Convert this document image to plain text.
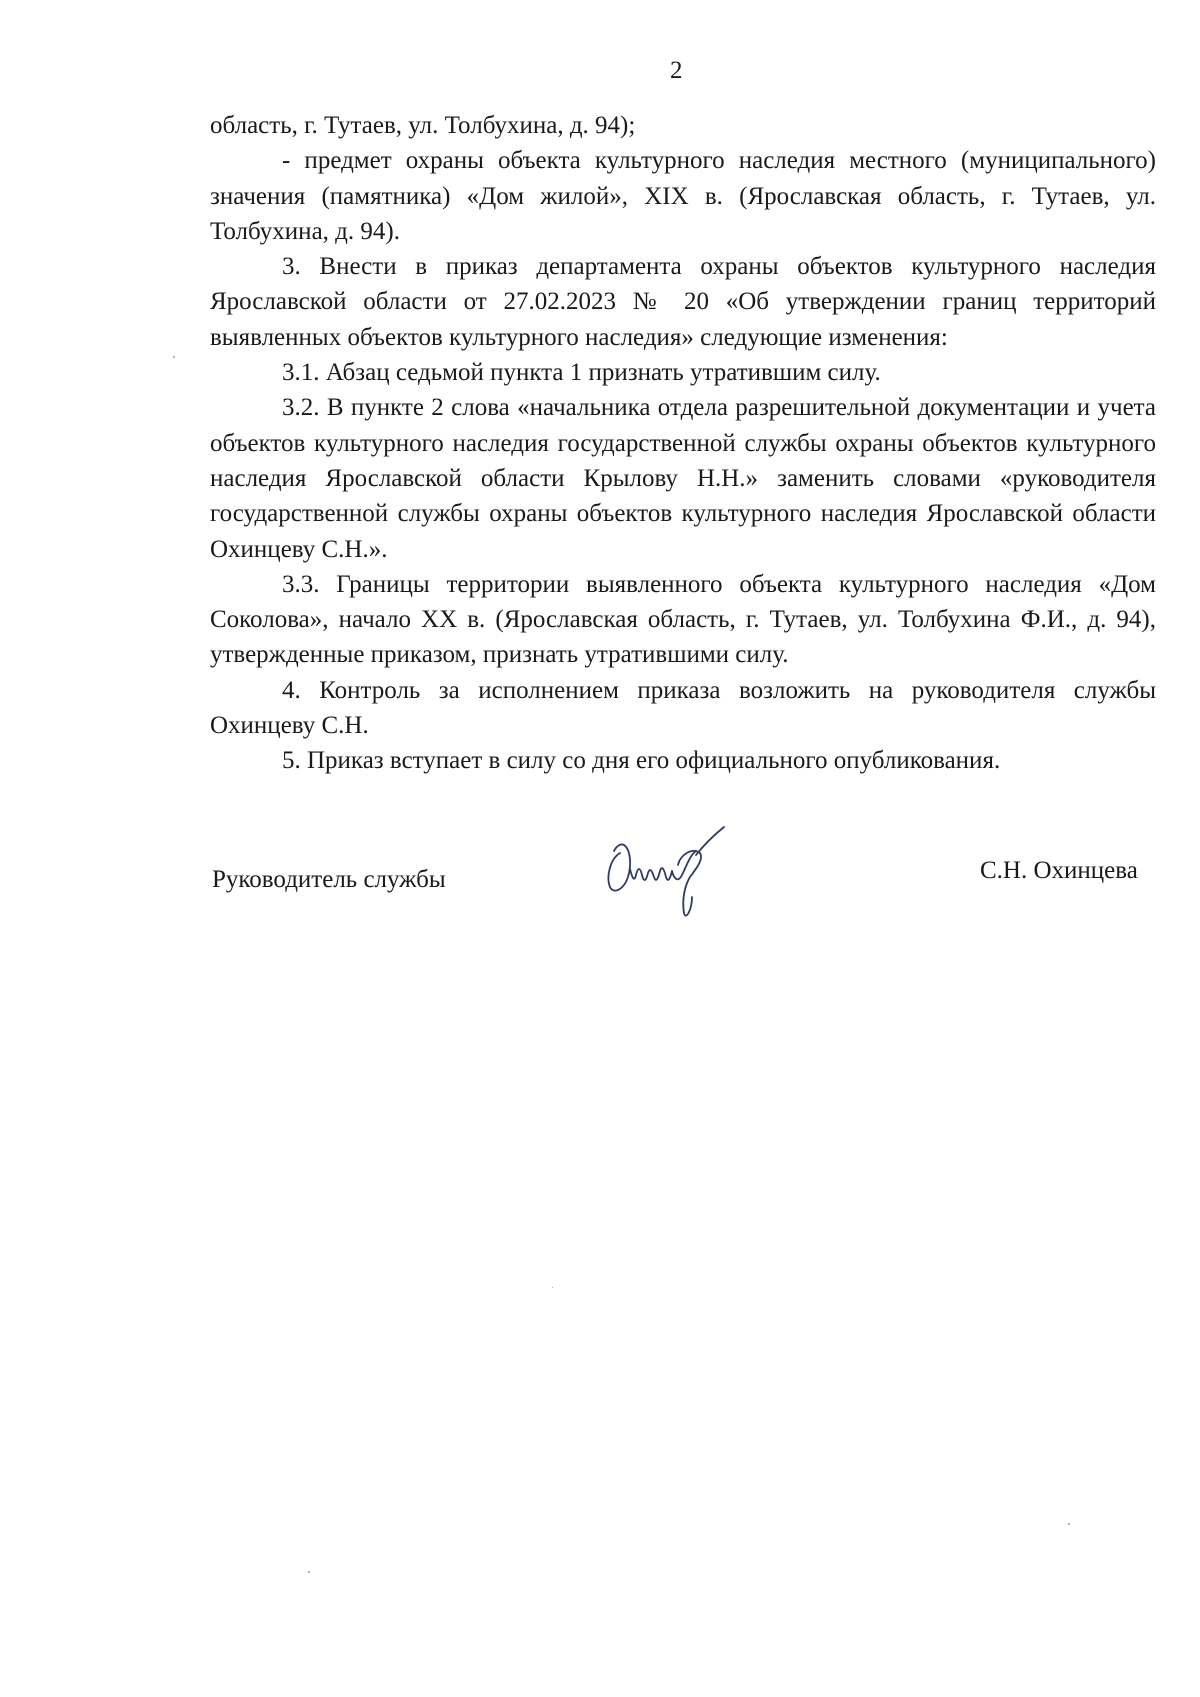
2

область, г. Тутаев, ул. Толбухина, д. 94);

- предмет охраны объекта культурного наследия местного (муниципального) значения (памятника) «Дом жилой», XIX в. (Ярославская область, г. Тутаев, ул. Толбухина, д. 94).

3. Внести в приказ департамента охраны объектов культурного наследия Ярославской области от 27.02.2023 № 20 «Об утверждении границ территорий выявленных объектов культурного наследия» следующие изменения:

3.1. Абзац седьмой пункта 1 признать утратившим силу.

3.2. В пункте 2 слова «начальника отдела разрешительной документации и учета объектов культурного наследия государственной службы охраны объектов культурного наследия Ярославской области Крылову Н.Н.» заменить словами «руководителя государственной службы охраны объектов культурного наследия Ярославской области Охинцеву С.Н.».

3.3. Границы территории выявленного объекта культурного наследия «Дом Соколова», начало XX в. (Ярославская область, г. Тутаев, ул. Толбухина Ф.И., д. 94), утвержденные приказом, признать утратившими силу.

4. Контроль за исполнением приказа возложить на руководителя службы Охинцеву С.Н.

5. Приказ вступает в силу со дня его официального опубликования.

Руководитель службы	С.Н. Охинцева
